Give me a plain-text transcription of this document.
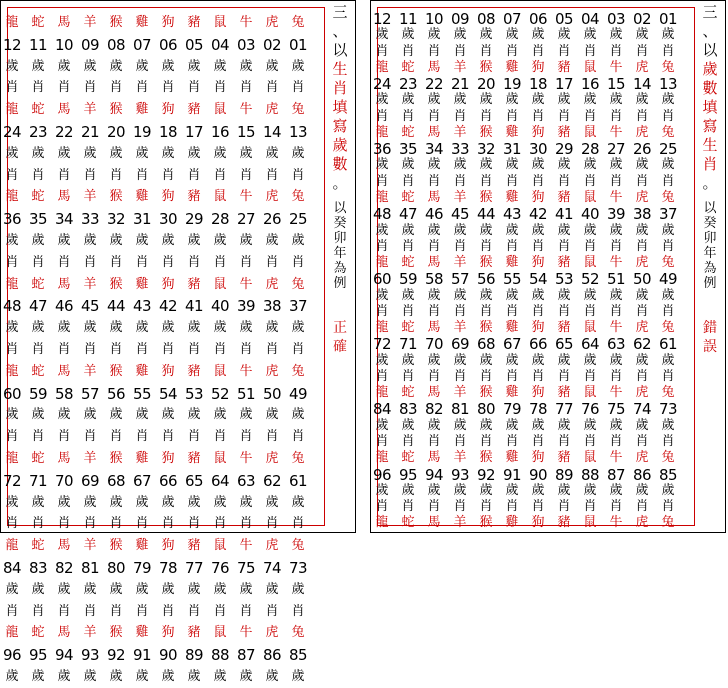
兔
01
歲
肖
虎
02
歲
肖
牛
03
歲
肖
鼠
04
歲
肖
豬
05
歲
肖
狗
06
歲
肖
雞
07
歲
肖
猴
08
歲
肖
羊
09
歲
肖
馬
10
歲
肖
蛇
11
歲
肖
龍
12
歲
肖
兔
13
歲
肖
虎
14
歲
肖
牛
15
歲
肖
鼠
16
歲
肖
豬
17
歲
肖
狗
18
歲
肖
雞
19
歲
肖
猴
20
歲
肖
羊
21
歲
肖
馬
22
歲
肖
蛇
23
歲
肖
龍
24
歲
肖
兔
25
歲
肖
虎
26
歲
肖
牛
27
歲
肖
鼠
28
歲
肖
豬
29
歲
肖
狗
30
歲
肖
雞
31
歲
肖
猴
32
歲
肖
羊
33
歲
肖
馬
34
歲
肖
蛇
35
歲
肖
龍
36
歲
肖
兔
37
歲
肖
虎
38
歲
肖
牛
39
歲
肖
鼠
40
歲
肖
豬
41
歲
肖
狗
42
歲
肖
雞
43
歲
肖
猴
44
歲
肖
羊
45
歲
肖
馬
46
歲
肖
蛇
47
歲
肖
龍
48
歲
肖
兔
49
歲
肖
虎
50
歲
肖
牛
51
歲
肖
鼠
52
歲
肖
豬
53
歲
肖
狗
54
歲
肖
雞
55
歲
肖
猴
56
歲
肖
羊
57
歲
肖
馬
58
歲
肖
蛇
59
歲
肖
龍
60
歲
肖
兔
61
歲
肖
虎
62
歲
肖
牛
63
歲
肖
鼠
64
歲
肖
豬
65
歲
肖
狗
66
歲
肖
雞
67
歲
肖
猴
68
歲
肖
羊
69
歲
肖
馬
70
歲
肖
蛇
71
歲
肖
龍
72
歲
肖
兔
73
歲
肖
虎
74
歲
肖
牛
75
歲
肖
鼠
76
歲
肖
豬
77
歲
肖
狗
78
歲
肖
雞
79
歲
肖
猴
80
歲
肖
羊
81
歲
肖
馬
82
歲
肖
蛇
83
歲
肖
龍
84
歲
肖
兔
85
歲
虎
86
歲
牛
87
歲
鼠
88
歲
豬
89
歲
狗
90
歲
雞
91
歲
猴
92
歲
羊
93
歲
馬
94
歲
蛇
95
歲
龍
96
歲
三
、
以
生
肖
填
寫
歲
數
。
以
癸
卯
年
為
例
正
確
01
歲
肖
兔
02
歲
肖
虎
03
歲
肖
牛
04
歲
肖
鼠
05
歲
肖
豬
06
歲
肖
狗
07
歲
肖
雞
08
歲
肖
猴
09
歲
肖
羊
10
歲
肖
馬
11
歲
肖
蛇
12
歲
肖
龍
13
歲
肖
兔
14
歲
肖
虎
15
歲
肖
牛
16
歲
肖
鼠
17
歲
肖
豬
18
歲
肖
狗
19
歲
肖
雞
20
歲
肖
猴
21
歲
肖
羊
22
歲
肖
馬
23
歲
肖
蛇
24
歲
肖
龍
25
歲
肖
兔
26
歲
肖
虎
27
歲
肖
牛
28
歲
肖
鼠
29
歲
肖
豬
30
歲
肖
狗
31
歲
肖
雞
32
歲
肖
猴
33
歲
肖
羊
34
歲
肖
馬
35
歲
肖
蛇
36
歲
肖
龍
37
歲
肖
兔
38
歲
肖
虎
39
歲
肖
牛
40
歲
肖
鼠
41
歲
肖
豬
42
歲
肖
狗
43
歲
肖
雞
44
歲
肖
猴
45
歲
肖
羊
46
歲
肖
馬
47
歲
肖
蛇
48
歲
肖
龍
49
歲
肖
兔
50
歲
肖
虎
51
歲
肖
牛
52
歲
肖
鼠
53
歲
肖
豬
54
歲
肖
狗
55
歲
肖
雞
56
歲
肖
猴
57
歲
肖
羊
58
歲
肖
馬
59
歲
肖
蛇
60
歲
肖
龍
61
歲
肖
兔
62
歲
肖
虎
63
歲
肖
牛
64
歲
肖
鼠
65
歲
肖
豬
66
歲
肖
狗
67
歲
肖
雞
68
歲
肖
猴
69
歲
肖
羊
70
歲
肖
馬
71
歲
肖
蛇
72
歲
肖
龍
73
歲
肖
兔
74
歲
肖
虎
75
歲
肖
牛
76
歲
肖
鼠
77
歲
肖
豬
78
歲
肖
狗
79
歲
肖
雞
80
歲
肖
猴
81
歲
肖
羊
82
歲
肖
馬
83
歲
肖
蛇
84
歲
肖
龍
85
歲
肖
兔
86
歲
肖
虎
87
歲
肖
牛
88
歲
肖
鼠
89
歲
肖
豬
90
歲
肖
狗
91
歲
肖
雞
92
歲
肖
猴
93
歲
肖
羊
94
歲
肖
馬
95
歲
肖
蛇
96
歲
肖
龍
三
、
以
歲
數
填
寫
生
肖
。
以
癸
卯
年
為
例
錯
誤
